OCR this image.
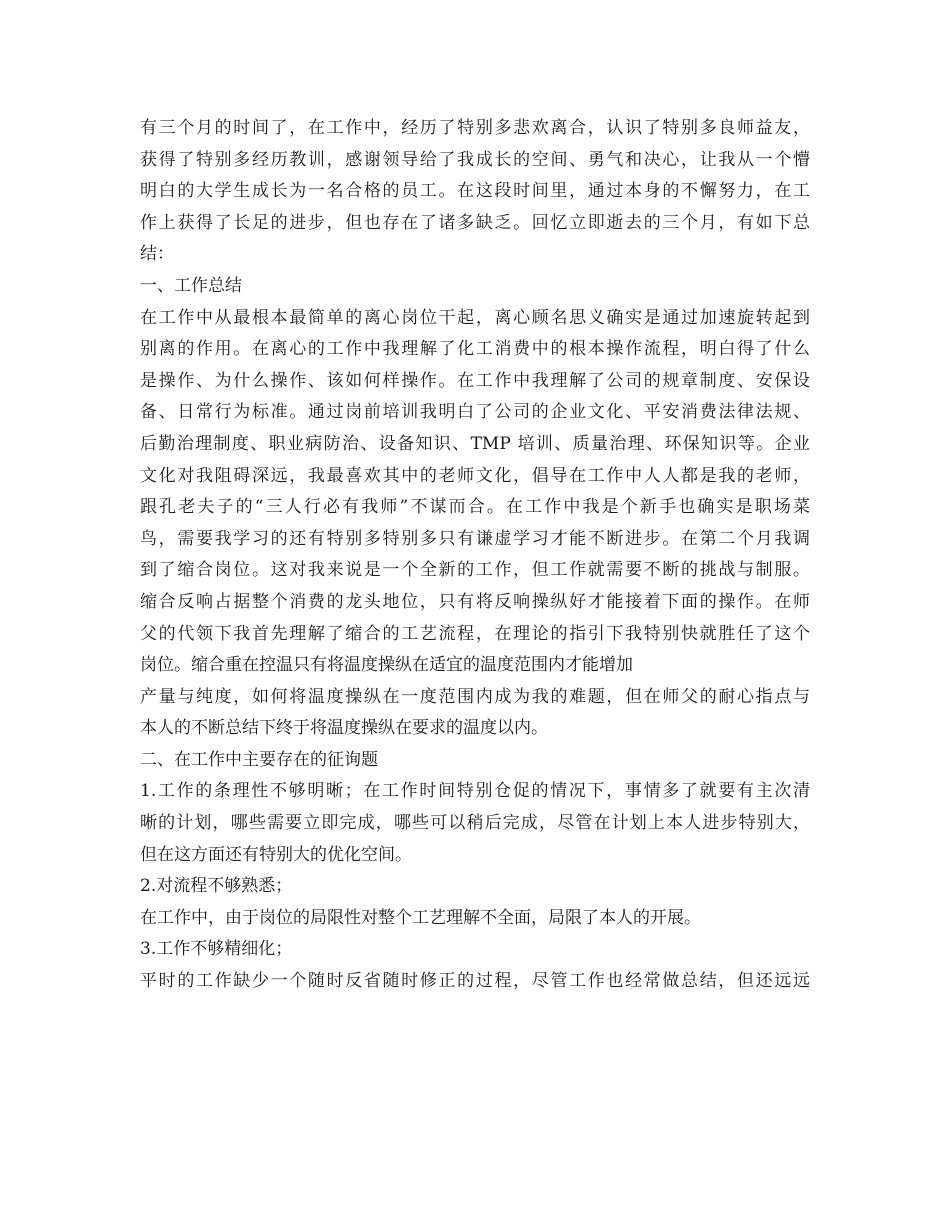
有三个月的时间了，在工作中，经历了特别多悲欢离合，认识了特别多良师益友，
获得了特别多经历教训，感谢领导给了我成长的空间、勇气和决心，让我从一个懵
明白的大学生成长为一名合格的员工。在这段时间里，通过本身的不懈努力，在工
作上获得了长足的进步，但也存在了诸多缺乏。回忆立即逝去的三个月，有如下总
结：
一、工作总结
在工作中从最根本最简单的离心岗位干起，离心顾名思义确实是通过加速旋转起到
别离的作用。在离心的工作中我理解了化工消费中的根本操作流程，明白得了什么
是操作、为什么操作、该如何样操作。在工作中我理解了公司的规章制度、安保设
备、日常行为标准。通过岗前培训我明白了公司的企业文化、平安消费法律法规、
后勤治理制度、职业病防治、设备知识、TMP 培训、质量治理、环保知识等。企业
文化对我阻碍深远，我最喜欢其中的老师文化，倡导在工作中人人都是我的老师，
跟孔老夫子的“三人行必有我师”不谋而合。在工作中我是个新手也确实是职场菜
鸟，需要我学习的还有特别多特别多只有谦虚学习才能不断进步。在第二个月我调
到了缩合岗位。这对我来说是一个全新的工作，但工作就需要不断的挑战与制服。
缩合反响占据整个消费的龙头地位，只有将反响操纵好才能接着下面的操作。在师
父的代领下我首先理解了缩合的工艺流程，在理论的指引下我特别快就胜任了这个
岗位。缩合重在控温只有将温度操纵在适宜的温度范围内才能增加
产量与纯度，如何将温度操纵在一度范围内成为我的难题，但在师父的耐心指点与
本人的不断总结下终于将温度操纵在要求的温度以内。
二、在工作中主要存在的征询题
1.工作的条理性不够明晰；在工作时间特别仓促的情况下，事情多了就要有主次清
晰的计划，哪些需要立即完成，哪些可以稍后完成，尽管在计划上本人进步特别大，
但在这方面还有特别大的优化空间。
2.对流程不够熟悉；
在工作中，由于岗位的局限性对整个工艺理解不全面，局限了本人的开展。
3.工作不够精细化；
平时的工作缺少一个随时反省随时修正的过程，尽管工作也经常做总结，但还远远
